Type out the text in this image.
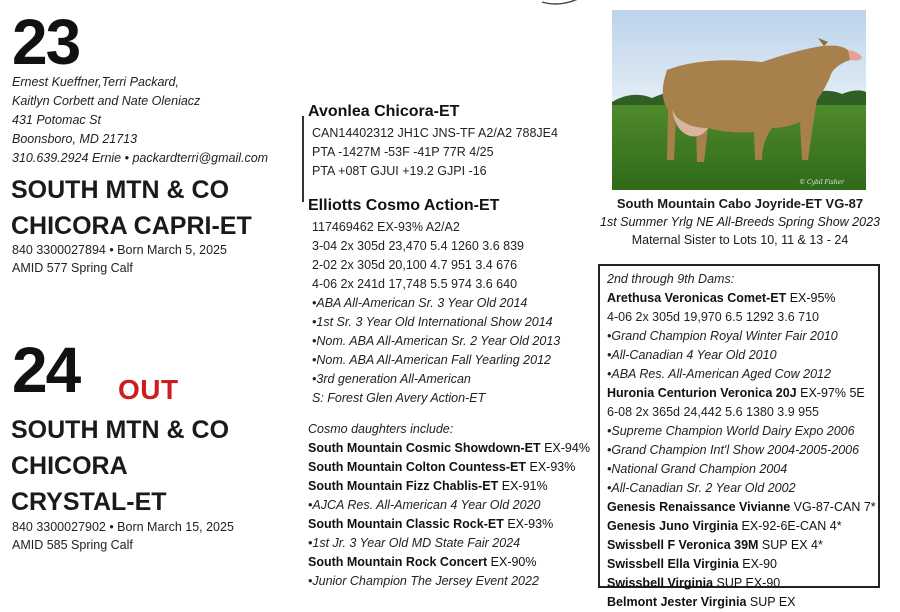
23
Ernest Kueffner,Terri Packard,
Kaitlyn Corbett and Nate Oleniacz
431 Potomac St
Boonsboro, MD 21713
310.639.2924 Ernie • packardterri@gmail.com
SOUTH MTN & CO
CHICORA CAPRI-ET
840 3300027894 • Born March 5, 2025
AMID 577 Spring Calf
24 OUT
SOUTH MTN & CO
CHICORA
CRYSTAL-ET
840 3300027902 • Born March 15, 2025
AMID 585 Spring Calf
Avonlea Chicora-ET
CAN14402312 JH1C JNS-TF A2/A2 788JE4
PTA -1427M -53F -41P 77R 4/25
PTA +08T GJUI +19.2 GJPI -16
Elliotts Cosmo Action-ET
117469462 EX-93% A2/A2
3-04 2x 305d 23,470 5.4 1260 3.6 839
2-02 2x 305d 20,100 4.7 951 3.4 676
4-06 2x 241d 17,748 5.5 974 3.6 640
•ABA All-American Sr. 3 Year Old 2014
•1st Sr. 3 Year Old International Show 2014
•Nom. ABA All-American Sr. 2 Year Old 2013
•Nom. ABA All-American Fall Yearling 2012
•3rd generation All-American
S: Forest Glen Avery Action-ET
Cosmo daughters include:
South Mountain Cosmic Showdown-ET EX-94%
South Mountain Colton Countess-ET EX-93%
South Mountain Fizz Chablis-ET EX-91%
•AJCA Res. All-American 4 Year Old 2020
South Mountain Classic Rock-ET EX-93%
•1st Jr. 3 Year Old MD State Fair 2024
South Mountain Rock Concert EX-90%
•Junior Champion The Jersey Event 2022
© Cybil Fisher
South Mountain Cabo Joyride-ET VG-87
1st Summer Yrlg NE All-Breeds Spring Show 2023
Maternal Sister to Lots 10, 11 & 13 - 24
2nd through 9th Dams:
Arethusa Veronicas Comet-ET EX-95%
4-06 2x 305d 19,970 6.5 1292 3.6 710
•Grand Champion Royal Winter Fair 2010
•All-Canadian 4 Year Old 2010
•ABA Res. All-American Aged Cow 2012
Huronia Centurion Veronica 20J EX-97% 5E
6-08 2x 365d 24,442 5.6 1380 3.9 955
•Supreme Champion World Dairy Expo 2006
•Grand Champion Int'l Show 2004-2005-2006
•National Grand Champion 2004
•All-Canadian Sr. 2 Year Old 2002
Genesis Renaissance Vivianne VG-87-CAN 7*
Genesis Juno Virginia EX-92-6E-CAN 4*
Swissbell F Veronica 39M SUP EX 4*
Swissbell Ella Virginia EX-90
Swissbell Virginia SUP EX-90
Belmont Jester Virginia SUP EX
